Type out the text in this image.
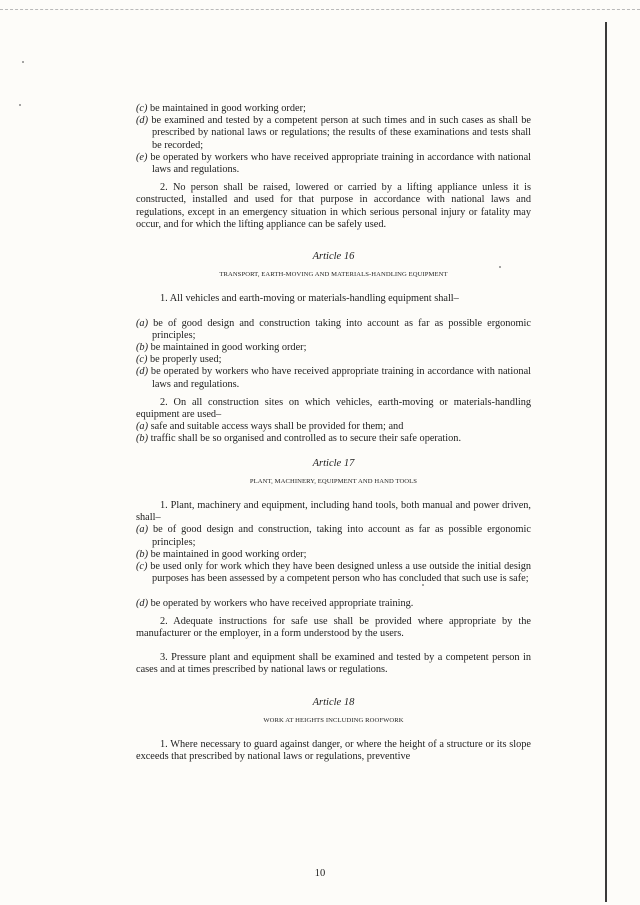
(c) be maintained in good working order;

(d) be examined and tested by a competent person at such times and in such cases as shall be prescribed by national laws or regulations; the results of these examinations and tests shall be recorded;

(e) be operated by workers who have received appropriate training in accordance with national laws and regulations.

2. No person shall be raised, lowered or carried by a lifting appliance unless it is constructed, installed and used for that purpose in accordance with national laws and regulations, except in an emergency situation in which serious personal injury or fatality may occur, and for which the lifting appliance can be safely used.

Article 16

TRANSPORT, EARTH-MOVING AND MATERIALS-HANDLING EQUIPMENT

1. All vehicles and earth-moving or materials-handling equipment shall–

(a) be of good design and construction taking into account as far as possible ergonomic principles;

(b) be maintained in good working order;

(c) be properly used;

(d) be operated by workers who have received appropriate training in accordance with national laws and regulations.

2. On all construction sites on which vehicles, earth-moving or materials-handling equipment are used–

(a) safe and suitable access ways shall be provided for them; and

(b) traffic shall be so organised and controlled as to secure their safe operation.

Article 17

PLANT, MACHINERY, EQUIPMENT AND HAND TOOLS

1. Plant, machinery and equipment, including hand tools, both manual and power driven, shall–

(a) be of good design and construction, taking into account as far as possible ergonomic principles;

(b) be maintained in good working order;

(c) be used only for work which they have been designed unless a use outside the initial design purposes has been assessed by a competent person who has concluded that such use is safe;

(d) be operated by workers who have received appropriate training.

2. Adequate instructions for safe use shall be provided where appropriate by the manufacturer or the employer, in a form understood by the users.

3. Pressure plant and equipment shall be examined and tested by a competent person in cases and at times prescribed by national laws or regulations.

Article 18

WORK AT HEIGHTS INCLUDING ROOFWORK

1. Where necessary to guard against danger, or where the height of a structure or its slope exceeds that prescribed by national laws or regulations, preventive

10
